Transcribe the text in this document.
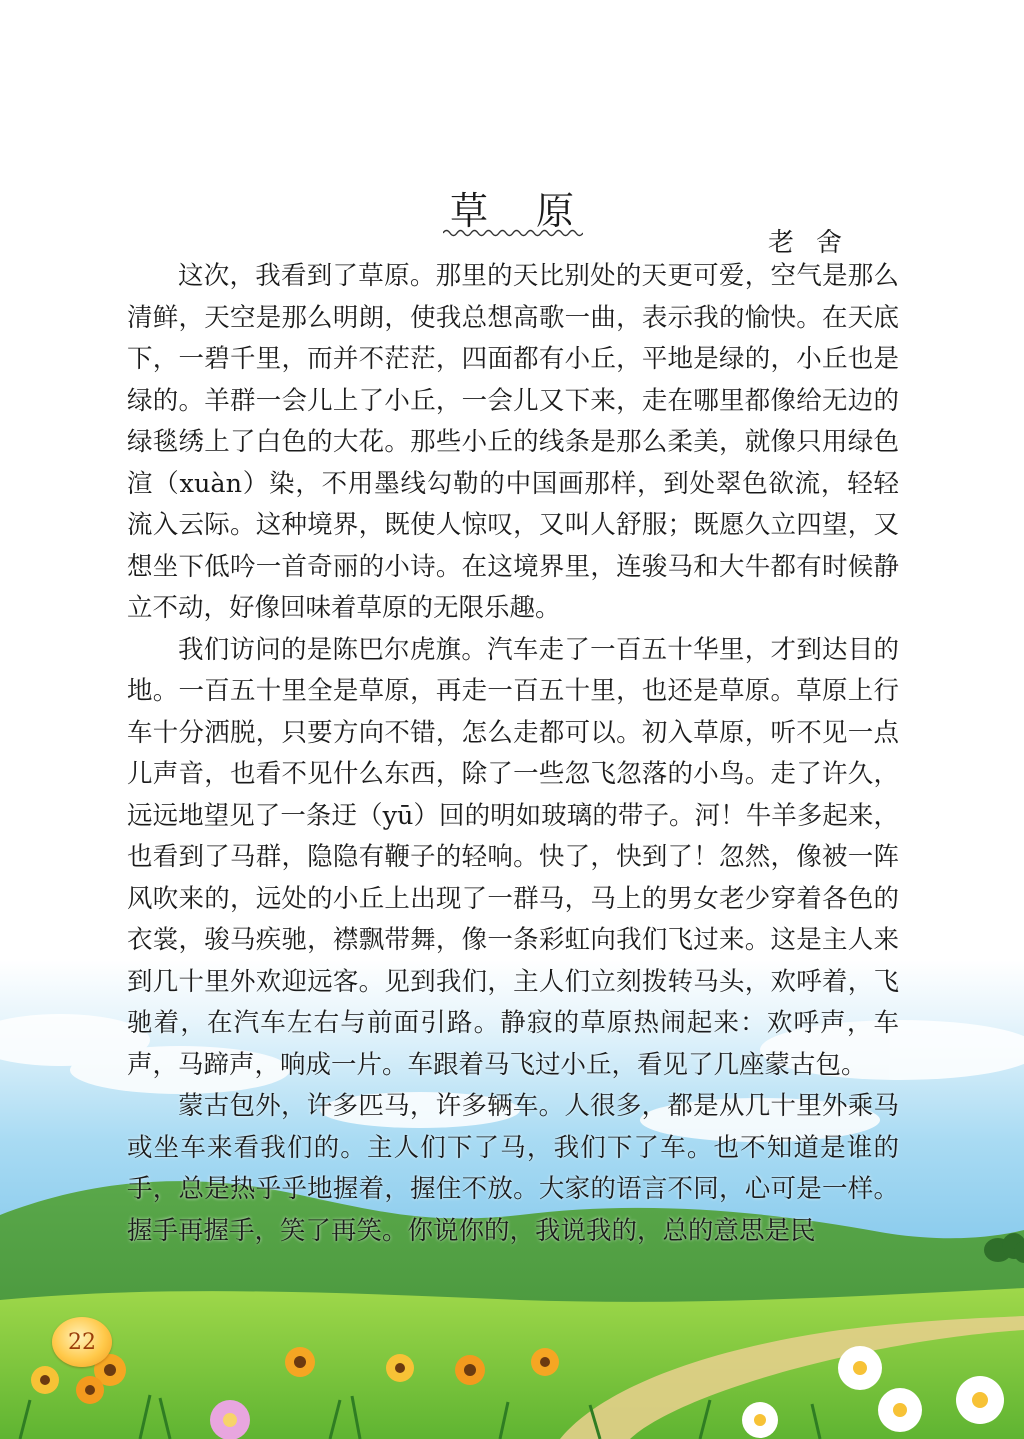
草原
老舍

这次，我看到了草原。那里的天比别处的天更可爱，空气是那么清鲜，天空是那么明朗，使我总想高歌一曲，表示我的愉快。在天底下，一碧千里，而并不茫茫，四面都有小丘，平地是绿的，小丘也是绿的。羊群一会儿上了小丘，一会儿又下来，走在哪里都像给无边的绿毯绣上了白色的大花。那些小丘的线条是那么柔美，就像只用绿色渲（xuàn）染，不用墨线勾勒的中国画那样，到处翠色欲流，轻轻流入云际。这种境界，既使人惊叹，又叫人舒服；既愿久立四望，又想坐下低吟一首奇丽的小诗。在这境界里，连骏马和大牛都有时候静立不动，好像回味着草原的无限乐趣。

我们访问的是陈巴尔虎旗。汽车走了一百五十华里，才到达目的地。一百五十里全是草原，再走一百五十里，也还是草原。草原上行车十分洒脱，只要方向不错，怎么走都可以。初入草原，听不见一点儿声音，也看不见什么东西，除了一些忽飞忽落的小鸟。走了许久，远远地望见了一条迂（yū）回的明如玻璃的带子。河！牛羊多起来，也看到了马群，隐隐有鞭子的轻响。快了，快到了！忽然，像被一阵风吹来的，远处的小丘上出现了一群马，马上的男女老少穿着各色的衣裳，骏马疾驰，襟飘带舞，像一条彩虹向我们飞过来。这是主人来到几十里外欢迎远客。见到我们，主人们立刻拨转马头，欢呼着，飞驰着，在汽车左右与前面引路。静寂的草原热闹起来：欢呼声，车声，马蹄声，响成一片。车跟着马飞过小丘，看见了几座蒙古包。

蒙古包外，许多匹马，许多辆车。人很多，都是从几十里外乘马或坐车来看我们的。主人们下了马，我们下了车。也不知道是谁的手，总是热乎乎地握着，握住不放。大家的语言不同，心可是一样。握手再握手，笑了再笑。你说你的，我说我的，总的意思是民

22
